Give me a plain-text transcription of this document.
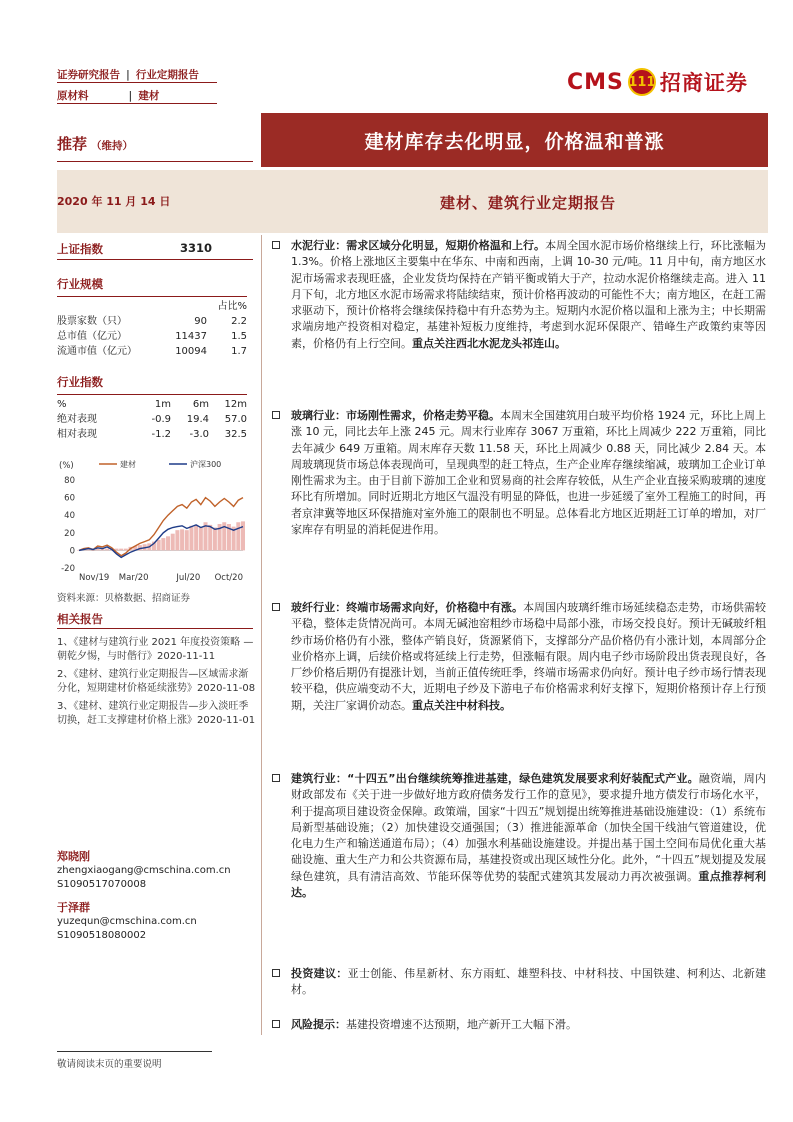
证券研究报告 | 行业定期报告
原材料	| 建材
CMS 111 招商证券
推荐 （维持）	建材库存去化明显，价格温和普涨
2020 年 11 月 14 日	建材、建筑行业定期报告
上证指数	3310
行业规模
占比%
股票家数（只）	90	2.2
总市值（亿元）	11437	1.5
流通市值（亿元）	10094	1.7
行业指数
%	1m	6m	12m
绝对表现	-0.9	19.4	57.0
相对表现	-1.2	-3.0	32.5
(%)
80
60
40
20
0
-20
Nov/19 Mar/20	Jul/20 Oct/20
建材	沪深300
资料来源：贝格数据、招商证券
相关报告
1、《建材与建筑行业 2021 年度投资策略 — 朝乾夕惕，与时偕行》2020-11-11
2、《建材、建筑行业定期报告—区域需求渐分化，短期建材价格延续涨势》2020-11-08
3、《建材、建筑行业定期报告—步入淡旺季切换，赶工支撑建材价格上涨》2020-11-01
郑晓刚
zhengxiaogang@cmschina.com.cn
S1090517070008
于泽群
yuzequn@cmschina.com.cn
S1090518080002
水泥行业：需求区域分化明显，短期价格温和上行。本周全国水泥市场价格继续上行，环比涨幅为 1.3%。价格上涨地区主要集中在华东、中南和西南，上调 10-30 元/吨。11 月中旬，南方地区水泥市场需求表现旺盛，企业发货均保持在产销平衡或销大于产，拉动水泥价格继续走高。进入 11 月下旬，北方地区水泥市场需求将陆续结束，预计价格再波动的可能性不大；南方地区，在赶工需求驱动下，预计价格将会继续保持稳中有升态势为主。短期内水泥价格以温和上涨为主；中长期需求端房地产投资相对稳定，基建补短板力度维持，考虑到水泥环保限产、错峰生产政策约束等因素，价格仍有上行空间。重点关注西北水泥龙头祁连山。
玻璃行业：市场刚性需求，价格走势平稳。本周末全国建筑用白玻平均价格 1924 元，环比上周上涨 10 元，同比去年上涨 245 元。周末行业库存 3067 万重箱，环比上周减少 222 万重箱，同比去年减少 649 万重箱。周末库存天数 11.58 天，环比上周减少 0.88 天，同比减少 2.84 天。本周玻璃现货市场总体表现尚可，呈现典型的赶工特点，生产企业库存继续缩减，玻璃加工企业订单刚性需求为主。由于目前下游加工企业和贸易商的社会库存较低，从生产企业直接采购玻璃的速度环比有所增加。同时近期北方地区气温没有明显的降低，也进一步延缓了室外工程施工的时间，再者京津冀等地区环保措施对室外施工的限制也不明显。总体看北方地区近期赶工订单的增加，对厂家库存有明显的消耗促进作用。
玻纤行业：终端市场需求向好，价格稳中有涨。本周国内玻璃纤维市场延续稳态走势，市场供需较平稳，整体走货情况尚可。本周无碱池窑粗纱市场稳中局部小涨，市场交投良好。预计无碱玻纤粗纱市场价格仍有小涨，整体产销良好，货源紧俏下，支撑部分产品价格仍有小涨计划，本周部分企业价格亦上调，后续价格或将延续上行走势，但涨幅有限。周内电子纱市场阶段出货表现良好，各厂纱价格后期仍有提涨计划，当前正值传统旺季，终端市场需求仍向好。预计电子纱市场行情表现较平稳，供应端变动不大，近期电子纱及下游电子布价格需求利好支撑下，短期价格预计存上行预期，关注厂家调价动态。重点关注中材科技。
建筑行业：“十四五”出台继续统筹推进基建，绿色建筑发展要求利好装配式产业。融资端，周内财政部发布《关于进一步做好地方政府债务发行工作的意见》，要求提升地方债发行市场化水平，利于提高项目建设资金保障。政策端，国家“十四五”规划提出统筹推进基础设施建设：（1）系统布局新型基础设施；（2）加快建设交通强国；（3）推进能源革命（加快全国干线油气管道建设，优化电力生产和输送通道布局）；（4）加强水利基础设施建设。并提出基于国土空间布局优化重大基础设施、重大生产力和公共资源布局，基建投资或出现区域性分化。此外，“十四五”规划提及发展绿色建筑，具有清洁高效、节能环保等优势的装配式建筑其发展动力再次被强调。重点推荐柯利达。
投资建议：亚士创能、伟星新材、东方雨虹、雄塑科技、中材科技、中国铁建、柯利达、北新建材。
风险提示：基建投资增速不达预期，地产新开工大幅下滑。
敬请阅读末页的重要说明
